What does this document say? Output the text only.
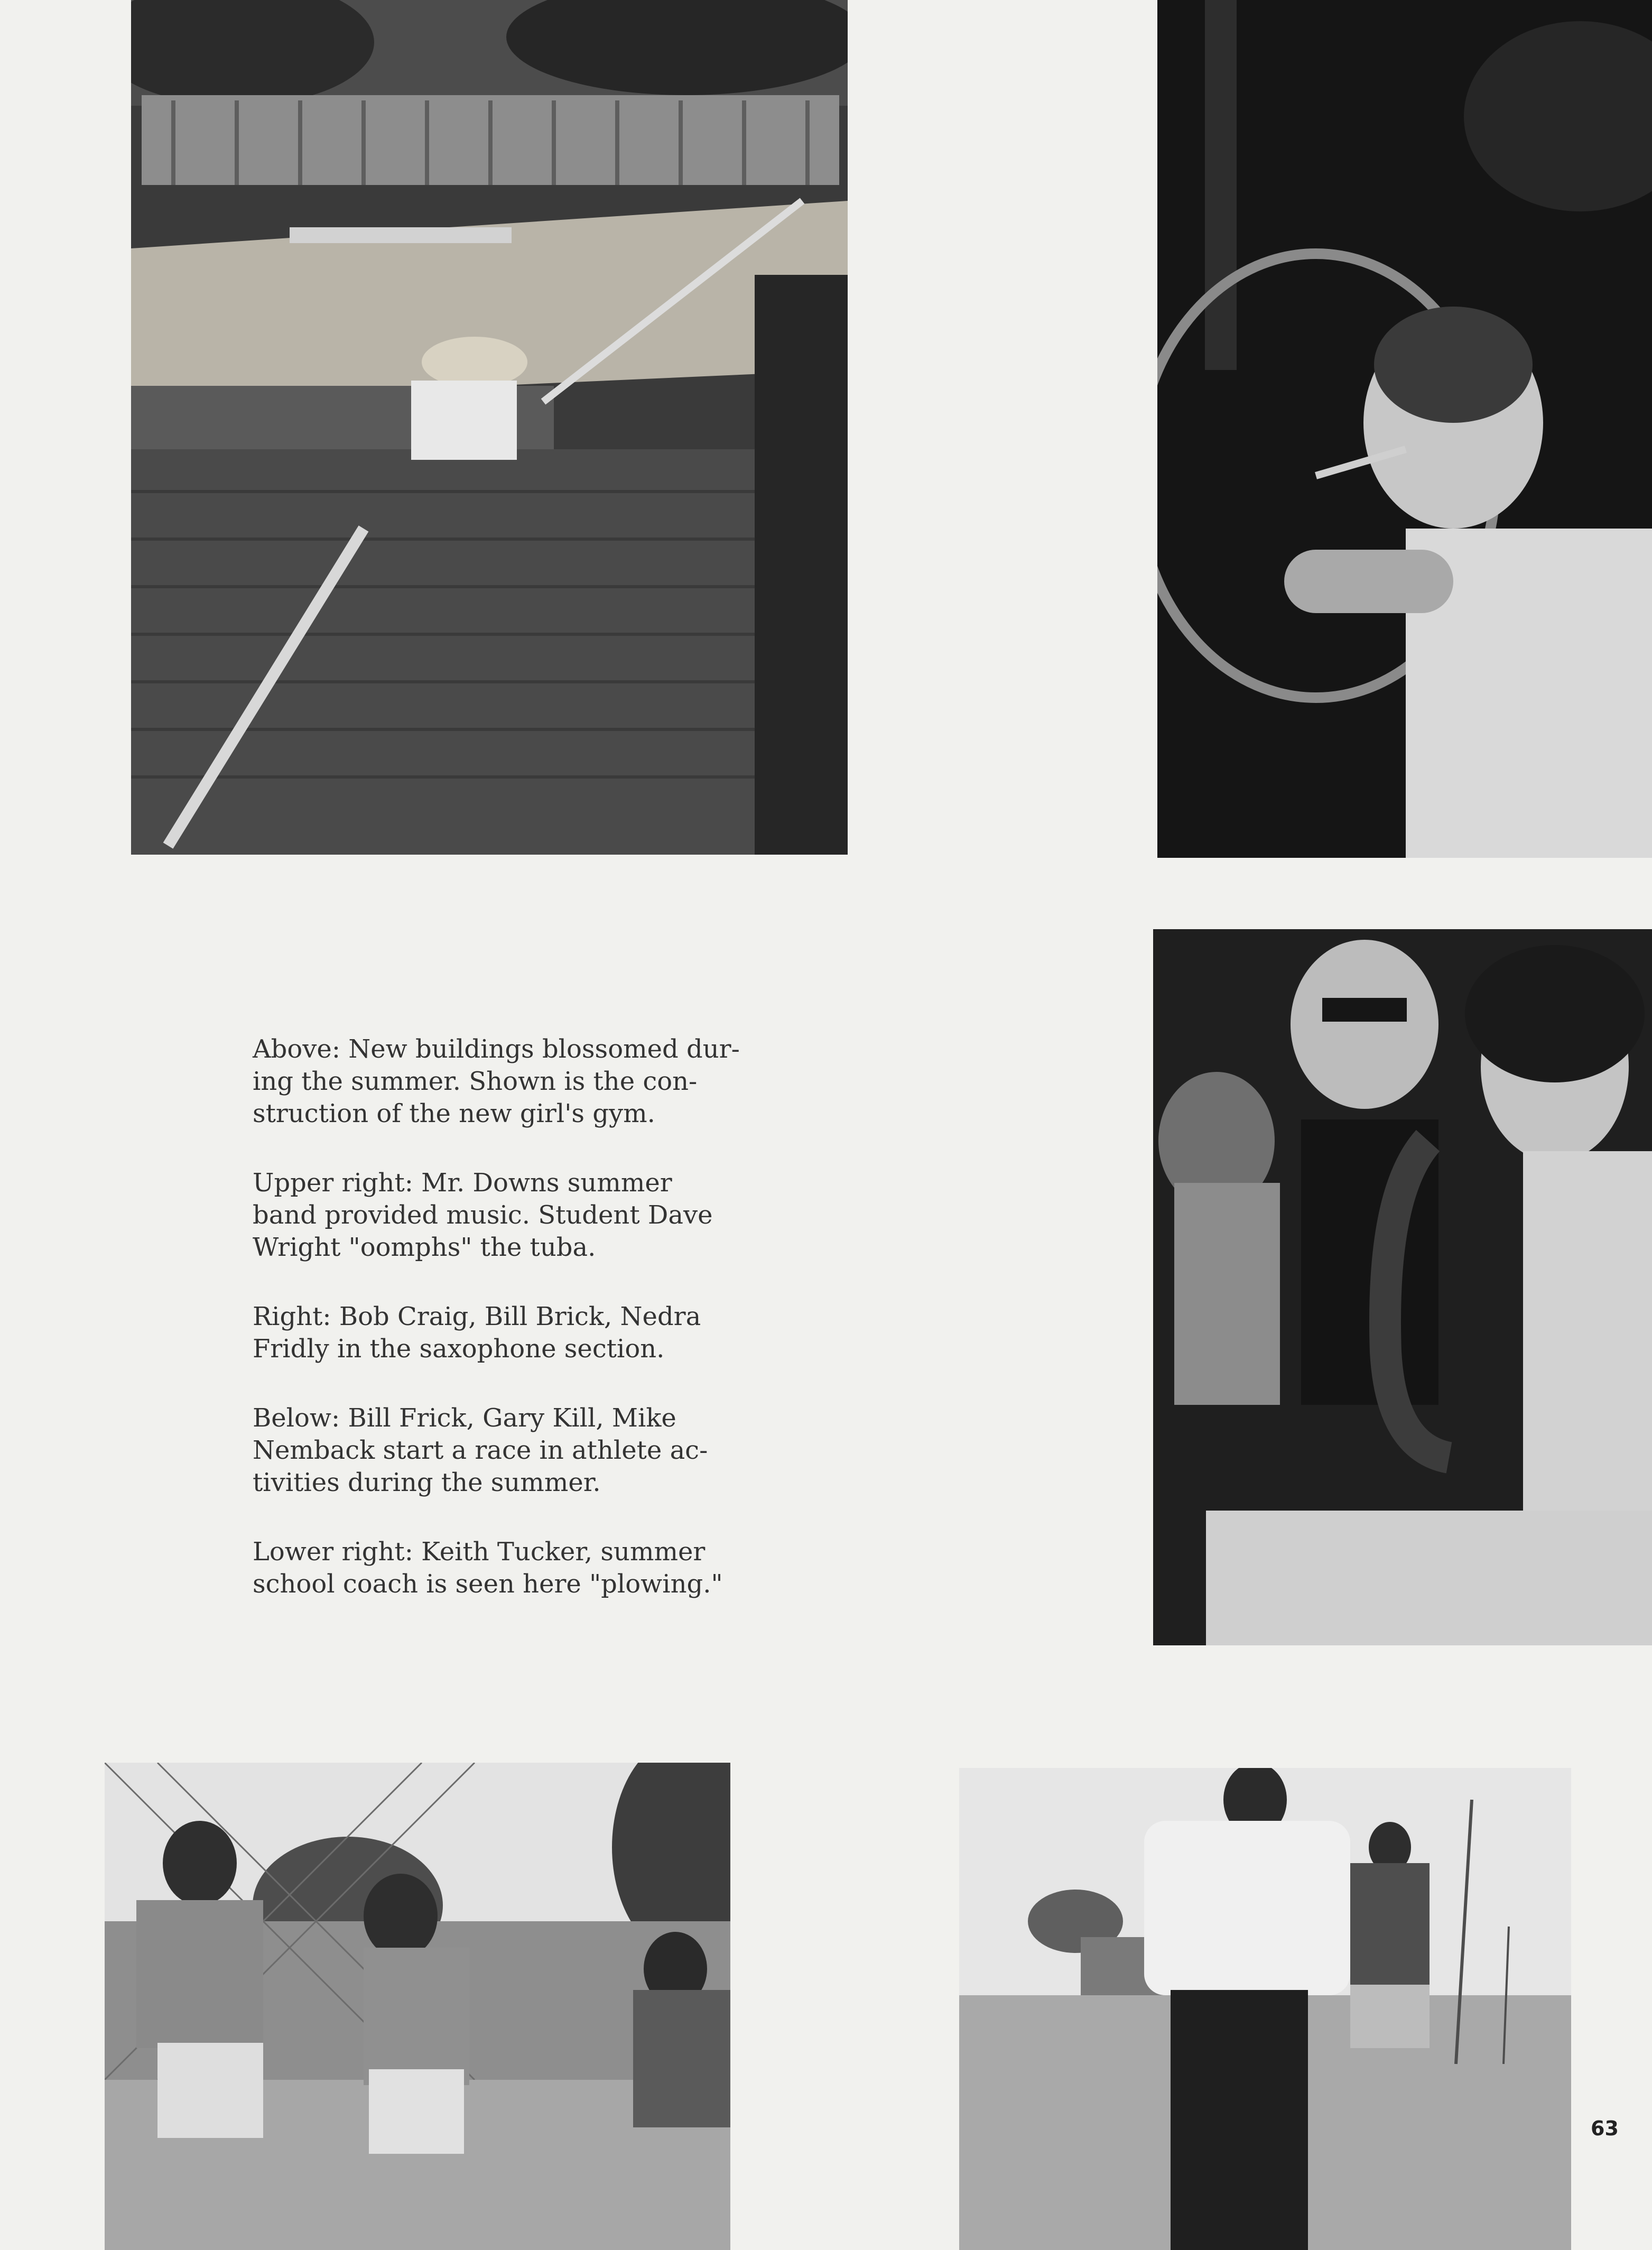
Above: New buildings blossomed dur-
ing the summer. Shown is the con-
struction of the new girl's gym.
Upper right: Mr. Downs summer
band provided music. Student Dave
Wright "oomphs" the tuba.
Right: Bob Craig, Bill Brick, Nedra
Fridly in the saxophone section.
Below: Bill Frick, Gary Kill, Mike
Nemback start a race in athlete ac-
tivities during the summer.
Lower right: Keith Tucker, summer
school coach is seen here "plowing."
63
